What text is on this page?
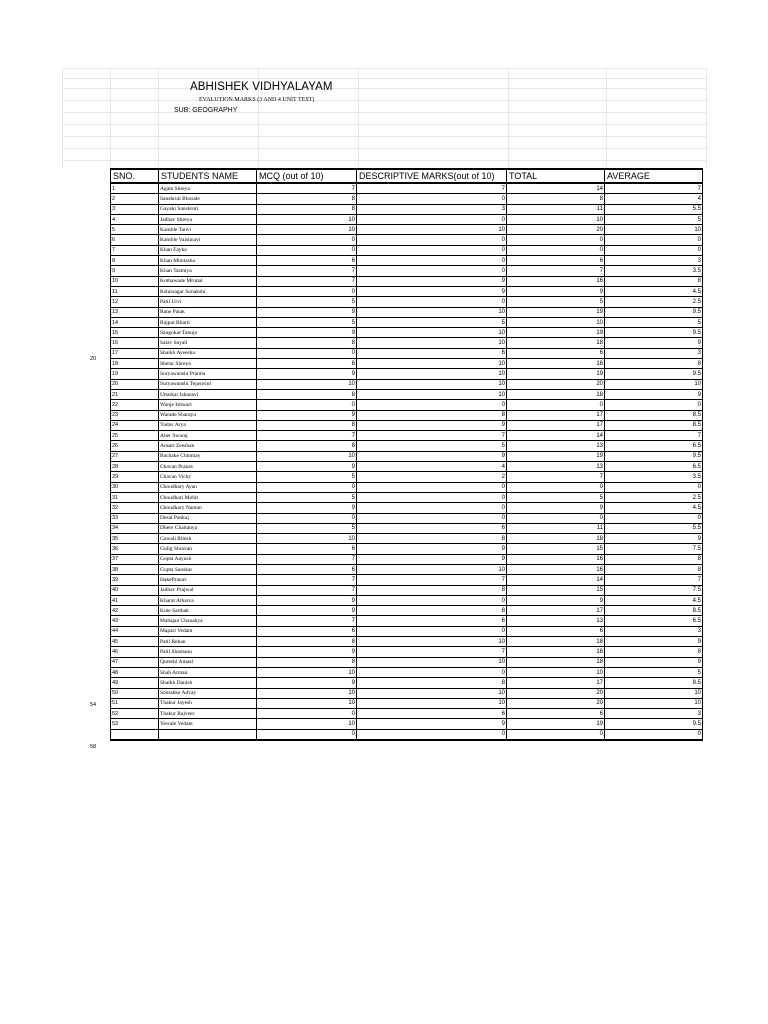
ABHISHEK VIDHYALAYAM
EVALUTION MARKS (3 AND 4 UNIT TEST)
SUB: GEOGRAPHY
20
54
58
SNO.	STUDENTS NAME	MCQ (out of 10)	DESCRIPTIVE MARKS(out of 10)	TOTAL	AVERAGE
1	Agale Shreya	7	7	14	7
2	Sanskruti Bhosale	8	0	8	4
3	Gayaki Sanskruti	8	3	11	5.5
4	Jadhav Shreya	10	0	10	5
5	Kamble Tanvi	10	10	20	10
6	Kamble Vaishnavi	0	0	0	0
7	Khan Fayka	0	0	0	0
8	Khan Muntasha	6	0	6	3
9	Khan Tasmiya	7	0	7	3.5
10	Kothawade Mrunal	7	9	16	8
11	Kshirsagar Sonakshi	0	9	9	4.5
12	Patil Urvi	5	0	5	2.5
13	Rane Palak	9	10	19	9.5
14	Rajput Bharti	5	5	10	5
15	Sangokar Tanuja	9	10	19	9.5
16	Satav Sayali	8	10	18	9
17	Shaikh Ayeesha	0	6	6	3
18	Shelar Shreya	6	10	16	8
19	Suryawanshi Pranita	9	10	19	9.5
20	Suryawanshi Tejaswini	10	10	20	10
21	Uttarkar Ishanavi	8	10	18	9
22	Wanje Ishwari	0	0	0	0
23	Warade Sharayu	9	8	17	8.5
24	Yadav Arya	8	9	17	8.5
25	Aher Swaraj	7	7	14	7
26	Ansari Zeeshan	8	5	13	6.5
27	Bachake Chinmay	10	9	19	9.5
28	Chavan Pranav	9	4	13	6.5
29	Chavan Vicky	5	2	7	3.5
30	Choudhary Ayan	0	0	0	0
31	Choudhari Mohit	5	0	5	2.5
32	Choudhary Naman	9	0	9	4.5
33	Desai Pankaj	0	0	0	0
34	Dhere Chaitanya	5	6	11	5.5
35	Gawali Ritesh	10	8	18	9
36	Gulig Shravan	6	9	15	7.5
37	Gupta Aayush	7	9	16	8
38	Gupta Sanskar	6	10	16	8
39	HakePranav	7	7	14	7
40	Jadhav Prajwal	7	8	15	7.5
41	Kharat Atharva	9	0	9	4.5
42	Kute Sarthak	9	8	17	8.5
43	Mahajan Chanakya	7	6	13	6.5
44	Mapari Vedant	6	0	6	3
45	Patil Rehan	8	10	18	9
46	Patil Shantanu	9	7	16	8
47	Qureshi Amaal	8	10	18	9
48	Shah Arman	10	0	10	5
49	Shaikh Danish	9	8	17	8.5
50	Sontakke Advay	10	10	20	10
51	Thakur Jayesh	10	10	20	10
52	Thakur Rajveer	0	6	6	3
53	Yewale Vedant	10	9	19	9.5
		0	0	0	0
